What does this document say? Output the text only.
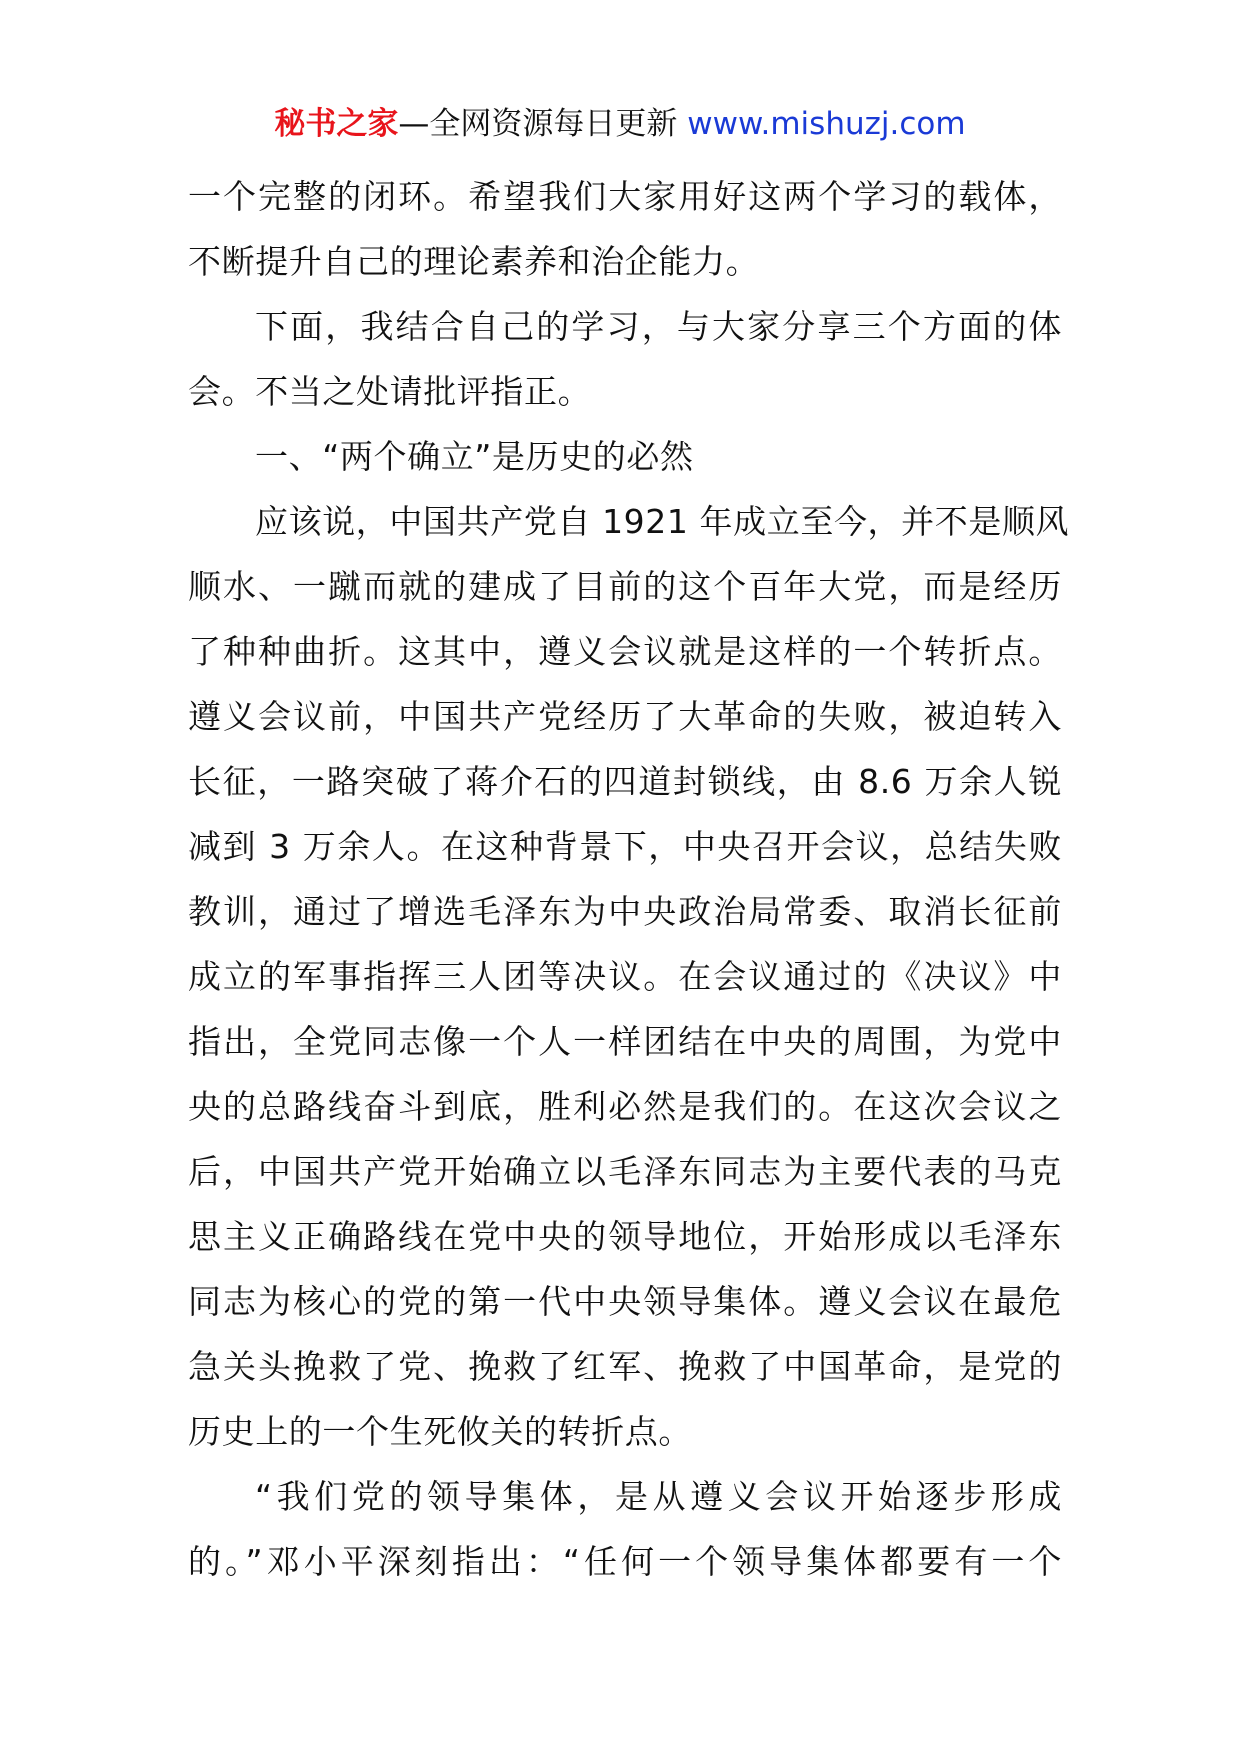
秘书之家—全网资源每日更新 www.mishuzj.com
一个完整的闭环。希望我们大家用好这两个学习的载体，
不断提升自己的理论素养和治企能力。
下面，我结合自己的学习，与大家分享三个方面的体
会。不当之处请批评指正。
一、“两个确立”是历史的必然
应该说，中国共产党自 1921 年成立至今，并不是顺风
顺水、一蹴而就的建成了目前的这个百年大党，而是经历
了种种曲折。这其中，遵义会议就是这样的一个转折点。
遵义会议前，中国共产党经历了大革命的失败，被迫转入
长征，一路突破了蒋介石的四道封锁线，由 8.6 万余人锐
减到 3 万余人。在这种背景下，中央召开会议，总结失败
教训，通过了增选毛泽东为中央政治局常委、取消长征前
成立的军事指挥三人团等决议。在会议通过的《决议》中
指出，全党同志像一个人一样团结在中央的周围，为党中
央的总路线奋斗到底，胜利必然是我们的。在这次会议之
后，中国共产党开始确立以毛泽东同志为主要代表的马克
思主义正确路线在党中央的领导地位，开始形成以毛泽东
同志为核心的党的第一代中央领导集体。遵义会议在最危
急关头挽救了党、挽救了红军、挽救了中国革命，是党的
历史上的一个生死攸关的转折点。
“我们党的领导集体，是从遵义会议开始逐步形成
的。”邓小平深刻指出：“任何一个领导集体都要有一个
